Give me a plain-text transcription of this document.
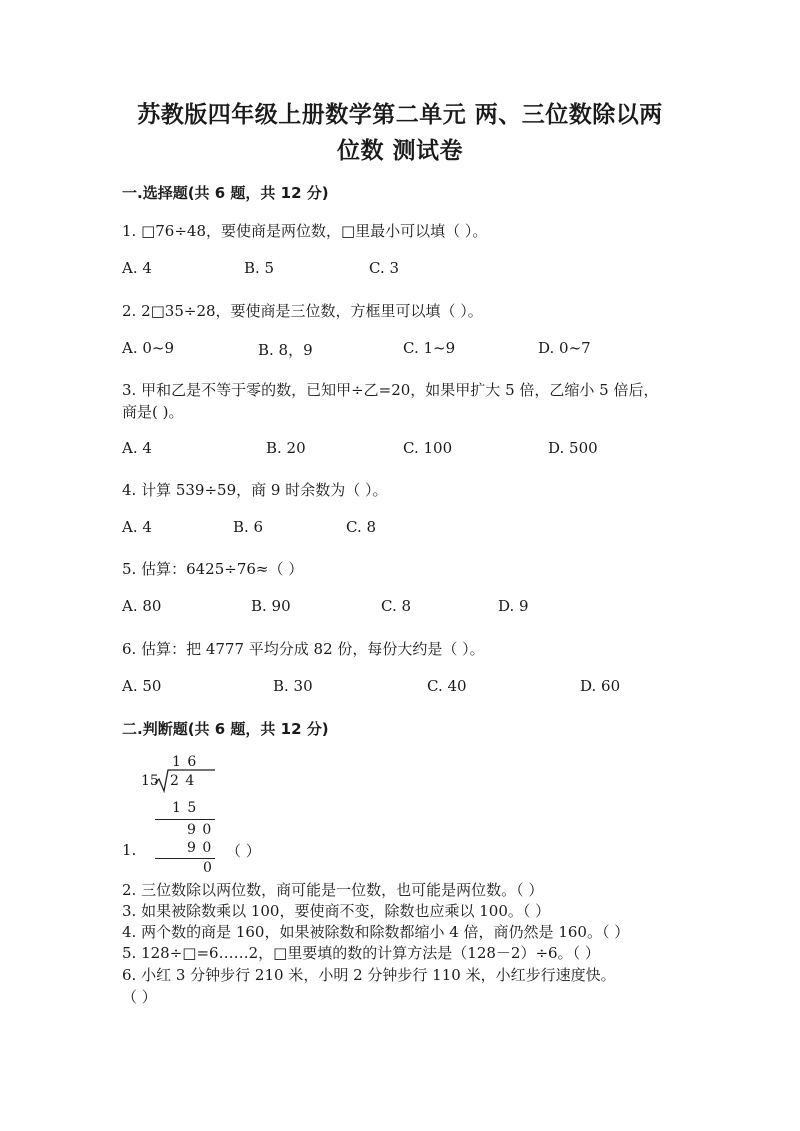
苏教版四年级上册数学第二单元 两、三位数除以两
位数 测试卷
一.选择题(共 6 题，共 12 分)
1. □76÷48，要使商是两位数，□里最小可以填（ ）。
A. 4	B. 5	C. 3
2. 2□35÷28，要使商是三位数，方框里可以填（ ）。
A. 0~9	B. 8，9	C. 1~9	D. 0~7
3. 甲和乙是不等于零的数，已知甲÷乙=20，如果甲扩大 5 倍，乙缩小 5 倍后，
商是( )。
A. 4	B. 20	C. 100	D. 500
4. 计算 539÷59，商 9 时余数为（ ）。
A. 4	B. 6	C. 8
5. 估算：6425÷76≈（ ）
A. 80	B. 90	C. 8	D. 9
6. 估算：把 4777 平均分成 82 份，每份大约是（ ）。
A. 50	B. 30	C. 40	D. 60
二.判断题(共 6 题，共 12 分)
1 6
15 2 4
1 5
9 0
9 0
0
1.	（ ）
2. 三位数除以两位数，商可能是一位数，也可能是两位数。（ ）
3. 如果被除数乘以 100，要使商不变，除数也应乘以 100。（ ）
4. 两个数的商是 160，如果被除数和除数都缩小 4 倍，商仍然是 160。（ ）
5. 128÷□=6……2，□里要填的数的计算方法是（128－2）÷6。（ ）
6. 小红 3 分钟步行 210 米，小明 2 分钟步行 110 米，小红步行速度快。
（ ）
